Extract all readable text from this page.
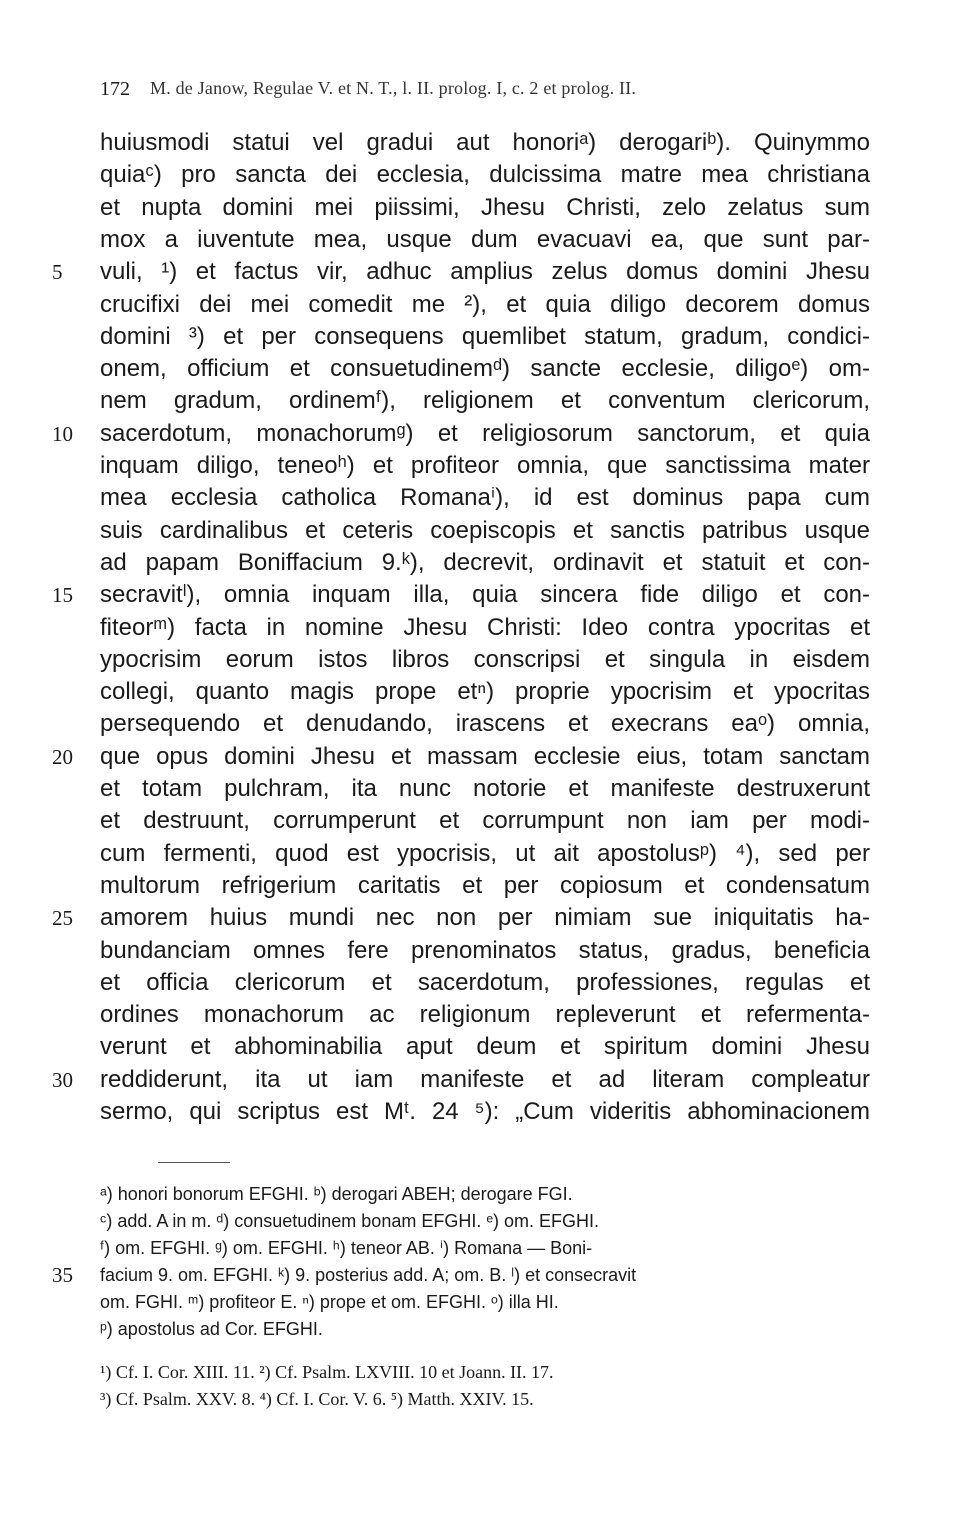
172 M. de Janow, Regulae V. et N. T., l. II. prolog. I, c. 2 et prolog. II.
huiusmodi statui vel gradui aut honoriᵃ) derogariᵇ). Quinymmo
quiaᶜ) pro sancta dei ecclesia, dulcissima matre mea christiana
et nupta domini mei piissimi, Jhesu Christi, zelo zelatus sum
mox a iuventute mea, usque dum evacuavi ea, que sunt par-
vuli, ¹) et factus vir, adhuc amplius zelus domus domini Jhesu
5
crucifixi dei mei comedit me ²), et quia diligo decorem domus
domini ³) et per consequens quemlibet statum, gradum, condici-
onem, officium et consuetudinemᵈ) sancte ecclesie, diligoᵉ) om-
nem gradum, ordinemᶠ), religionem et conventum clericorum,
sacerdotum, monachorumᵍ) et religiosorum sanctorum, et quia
10
inquam diligo, teneoʰ) et profiteor omnia, que sanctissima mater
mea ecclesia catholica Romanaⁱ), id est dominus papa cum
suis cardinalibus et ceteris coepiscopis et sanctis patribus usque
ad papam Boniffacium 9.ᵏ), decrevit, ordinavit et statuit et con-
secravitˡ), omnia inquam illa, quia sincera fide diligo et con-
15
fiteorᵐ) facta in nomine Jhesu Christi: Ideo contra ypocritas et
ypocrisim eorum istos libros conscripsi et singula in eisdem
collegi, quanto magis prope etⁿ) proprie ypocrisim et ypocritas
persequendo et denudando, irascens et execrans eaᵒ) omnia,
que opus domini Jhesu et massam ecclesie eius, totam sanctam
20
et totam pulchram, ita nunc notorie et manifeste destruxerunt
et destruunt, corrumperunt et corrumpunt non iam per modi-
cum fermenti, quod est ypocrisis, ut ait apostolusᵖ) ⁴), sed per
multorum refrigerium caritatis et per copiosum et condensatum
amorem huius mundi nec non per nimiam sue iniquitatis ha-
25
bundanciam omnes fere prenominatos status, gradus, beneficia
et officia clericorum et sacerdotum, professiones, regulas et
ordines monachorum ac religionum repleverunt et refermenta-
verunt et abhominabilia aput deum et spiritum domini Jhesu
reddiderunt, ita ut iam manifeste et ad literam compleatur
30
sermo, qui scriptus est Mᵗ. 24 ⁵): „Cum videritis abhominacionem
ᵃ) honori bonorum EFGHI. ᵇ) derogari ABEH; derogare FGI.
ᶜ) add. A in m. ᵈ) consuetudinem bonam EFGHI. ᵉ) om. EFGHI.
ᶠ) om. EFGHI. ᵍ) om. EFGHI. ʰ) teneor AB. ⁱ) Romana — Boni-
facium 9. om. EFGHI. ᵏ) 9. posterius add. A; om. B. ˡ) et consecravit
om. FGHI. ᵐ) profiteor E. ⁿ) prope et om. EFGHI. ᵒ) illa HI.
ᵖ) apostolus ad Cor. EFGHI.
35
¹) Cf. I. Cor. XIII. 11. ²) Cf. Psalm. LXVIII. 10 et Joann. II. 17.
³) Cf. Psalm. XXV. 8. ⁴) Cf. I. Cor. V. 6. ⁵) Matth. XXIV. 15.
